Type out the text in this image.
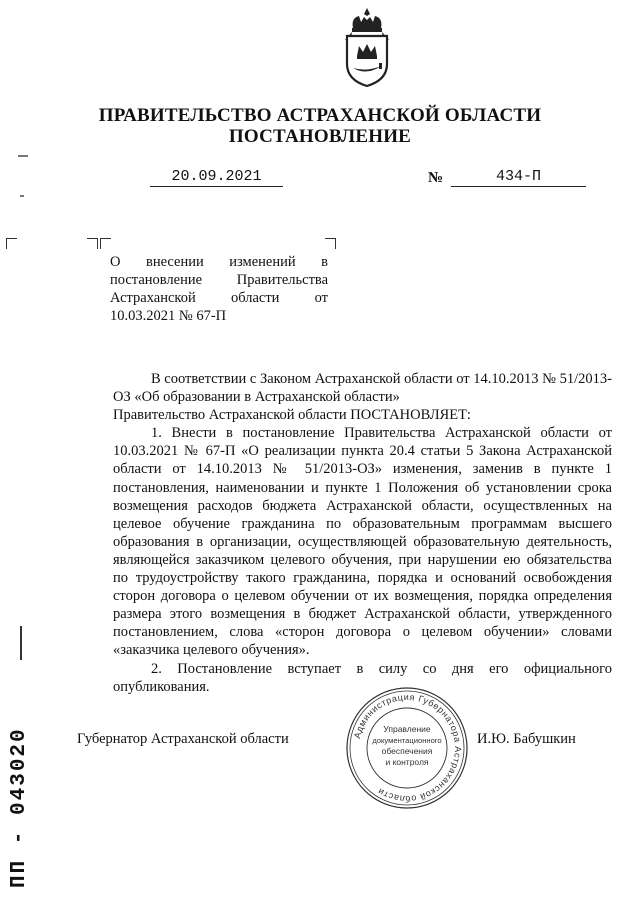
ПРАВИТЕЛЬСТВО АСТРАХАНСКОЙ ОБЛАСТИ
ПОСТАНОВЛЕНИЕ
20.09.2021	№	434-П
О внесении изменений в постановление Правительства Астраханской области от 10.03.2021 № 67-П

В соответствии с Законом Астраханской области от 14.10.2013 № 51/2013-ОЗ «Об образовании в Астраханской области»

Правительство Астраханской области ПОСТАНОВЛЯЕТ:

1. Внести в постановление Правительства Астраханской области от 10.03.2021 № 67-П «О реализации пункта 20.4 статьи 5 Закона Астраханской области от 14.10.2013 № 51/2013-ОЗ» изменения, заменив в пункте 1 постановления, наименовании и пункте 1 Положения об установлении срока возмещения расходов бюджета Астраханской области, осуществленных на целевое обучение гражданина по образовательным программам высшего образования в организации, осуществляющей образовательную деятельность, являющейся заказчиком целевого обучения, при нарушении ею обязательства по трудоустройству такого гражданина, порядка и оснований освобождения сторон договора о целевом обучении от их возмещения, порядка определения размера этого возмещения в бюджет Астраханской области, утвержденного постановлением, слова «сторон договора о целевом обучении» словами «заказчика целевого обучения».

2. Постановление вступает в силу со дня его официального опубликования.

Губернатор Астраханской области	И.Ю. Бабушкин
Администрация Губернатора Астраханской области
Управление
документационного
обеспечения
и контроля
ПП - 043020
